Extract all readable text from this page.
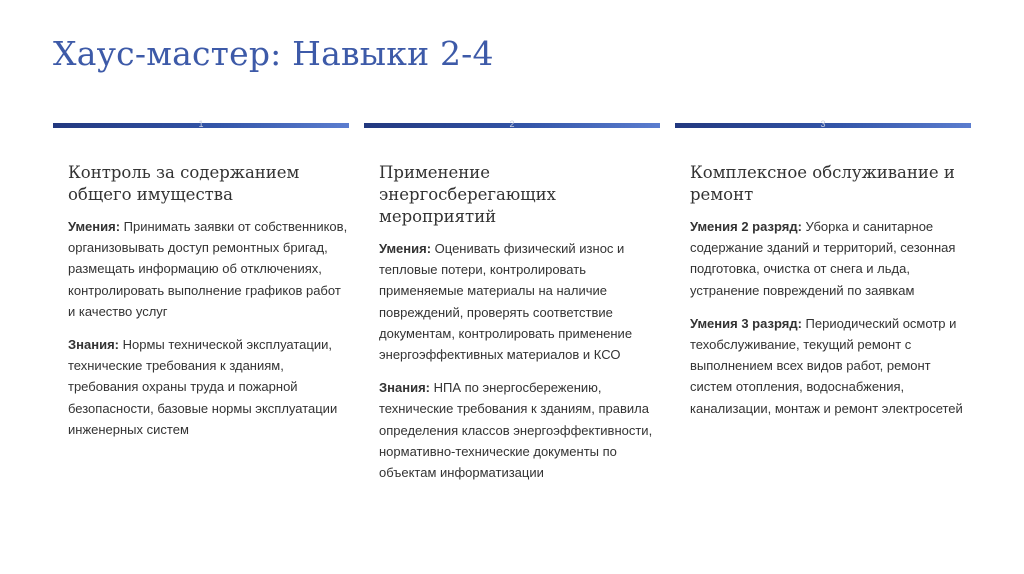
Хаус-мастер: Навыки 2-4
1
Контроль за содержанием общего имущества
Умения: Принимать заявки от собственников, организовывать доступ ремонтных бригад, размещать информацию об отключениях, контролировать выполнение графиков работ и качество услуг
Знания: Нормы технической эксплуатации, технические требования к зданиям, требования охраны труда и пожарной безопасности, базовые нормы эксплуатации инженерных систем
2
Применение энергосберегающих мероприятий
Умения: Оценивать физический износ и тепловые потери, контролировать применяемые материалы на наличие повреждений, проверять соответствие документам, контролировать применение энергоэффективных материалов и КСО
Знания: НПА по энергосбережению, технические требования к зданиям, правила определения классов энергоэффективности, нормативно-технические документы по объектам информатизации
3
Комплексное обслуживание и ремонт
Умения 2 разряд: Уборка и санитарное содержание зданий и территорий, сезонная подготовка, очистка от снега и льда, устранение повреждений по заявкам
Умения 3 разряд: Периодический осмотр и техобслуживание, текущий ремонт с выполнением всех видов работ, ремонт систем отопления, водоснабжения, канализации, монтаж и ремонт электросетей
